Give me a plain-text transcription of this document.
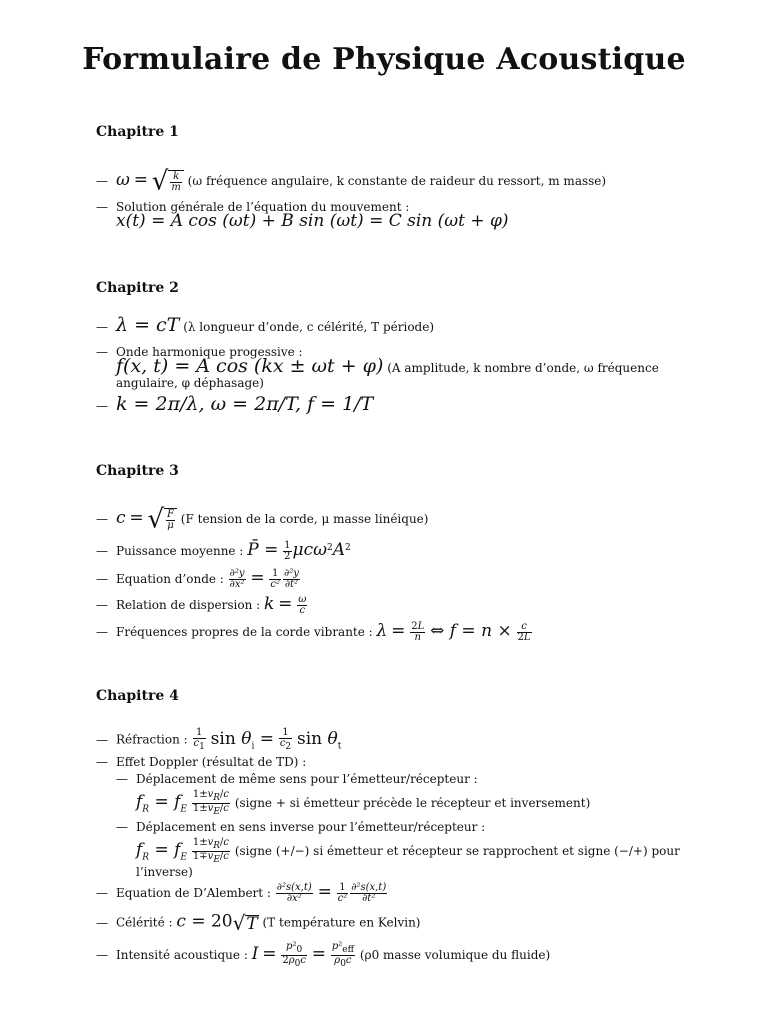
Formulaire de Physique Acoustique
Chapitre 1
— ω = √ $\frac{k}{m} (\omega$ fréquence angulaire, k constante de raideur du ressort, m masse)
— Solution générale de l’équation du mouvement :
x(t) = A cos (ωt) + B sin (ωt) = C sin (ωt + φ)
Chapitre 2
— λ = cT (λ longueur d’onde, c célérité, T période)
— Onde harmonique progessive :
f(x, t) = A cos (kx ± ωt + φ) (A amplitude, k nombre d’onde, ω fréquence angulaire, φ déphasage)
— k = 2π/λ, ω = 2π/T, f = 1/T
Chapitre 3
— c = √ $\frac{F}{\mu} (F$ tension de la corde, μ masse linéique)
— Puissance moyenne : P̄ = $\frac{1}{2} \mu c\omega^2A^2$
— Equation d’onde : $\frac{\text{∂²y}}{\text{∂x²}} = \frac{1}{\text{c²}} \frac{\text{∂²y}}{\text{∂t²}}$
— Relation de dispersion : $k = \frac{\omega}{c}$
— Fréquences propres de la corde vibrante : $\lambda = \frac{2L}{n}$ ⇔ $f = n \times \frac{c}{2L}$
Chapitre 4
— Réfraction : $\frac{1}{c_1}$ $\sin \theta_i = \frac{1}{c_2}$ $\sin \theta_t$
— Effet Doppler (résultat de TD) :
— Déplacement de même sens pour l’émetteur/récepteur :
$f_R = f_E \frac{1\pm v_R/c}{1\pm v_E/c}$ (signe + si émetteur précède le récepteur et inversement)
— Déplacement en sens inverse pour l’émetteur/récepteur :
$f_R = f_E \frac{1\pm v_R/c}{1\mp v_E/c}$ (signe (+/−) si émetteur et récepteur se rapprochent et signe (−/+) pour l’inverse)
— Equation de D’Alembert : $\frac{\text{∂²s(x,t)}}{\text{∂x²}} = \frac{1}{\text{c²}} \frac{\text{∂²s(x,t)}}{\text{∂t²}}$
— Célérité : c = 20√T (T température en Kelvin)
— Intensité acoustique : $I = \frac{p^2_0}{2\rho_0c} = \frac{p^2_{eff}}{\rho_0c} (\rho 0$ masse volumique du fluide)
